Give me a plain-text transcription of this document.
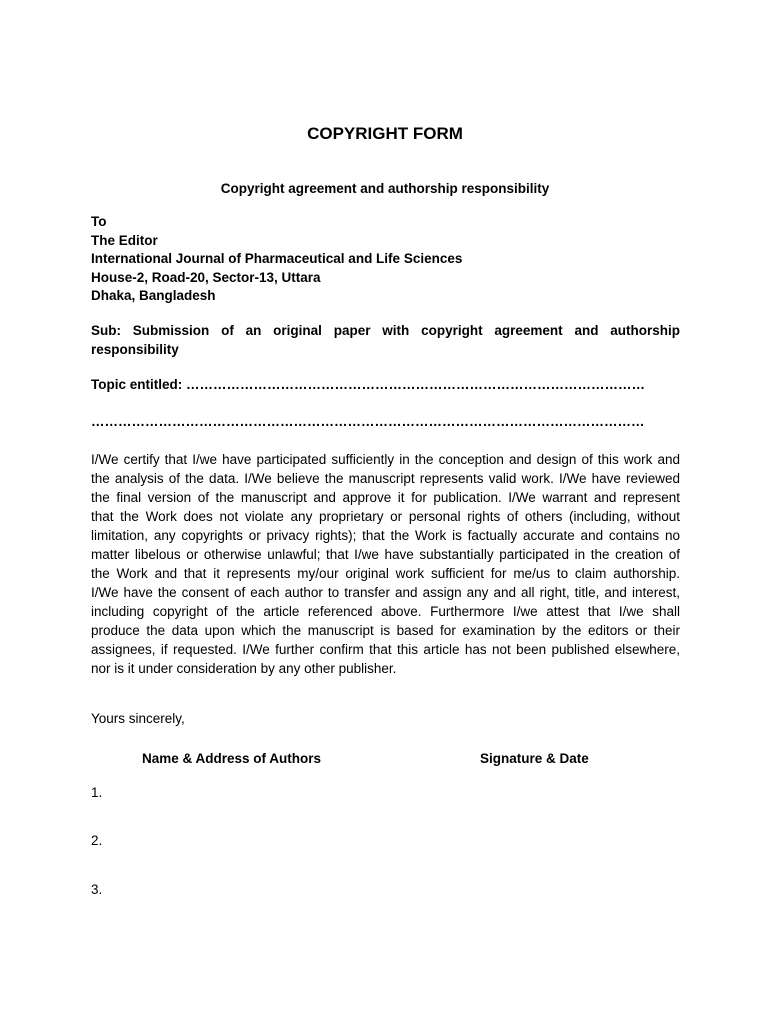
COPYRIGHT FORM
Copyright agreement and authorship responsibility
To
The Editor
International Journal of Pharmaceutical and Life Sciences
House-2, Road-20, Sector-13, Uttara
Dhaka, Bangladesh
Sub: Submission of an original paper with copyright agreement and authorship responsibility
Topic entitled: …………………………………………………………………………………………
……………………………………………………………………………………………………………
I/We certify that I/we have participated sufficiently in the conception and design of this work and
the analysis of the data. I/We believe the manuscript represents valid work. I/We have reviewed
the final version of the manuscript and approve it for publication. I/We warrant and represent
that the Work does not violate any proprietary or personal rights of others (including, without
limitation, any copyrights or privacy rights); that the Work is factually accurate and contains no
matter libelous or otherwise unlawful; that I/we have substantially participated in the creation of
the Work and that it represents my/our original work sufficient for me/us to claim authorship.
I/We have the consent of each author to transfer and assign any and all right, title, and interest,
including copyright of the article referenced above. Furthermore I/we attest that I/we shall
produce the data upon which the manuscript is based for examination by the editors or their
assignees, if requested. I/We further confirm that this article has not been published elsewhere,
nor is it under consideration by any other publisher.
Yours sincerely,
Name & Address of Authors	Signature & Date
1.
2.
3.
